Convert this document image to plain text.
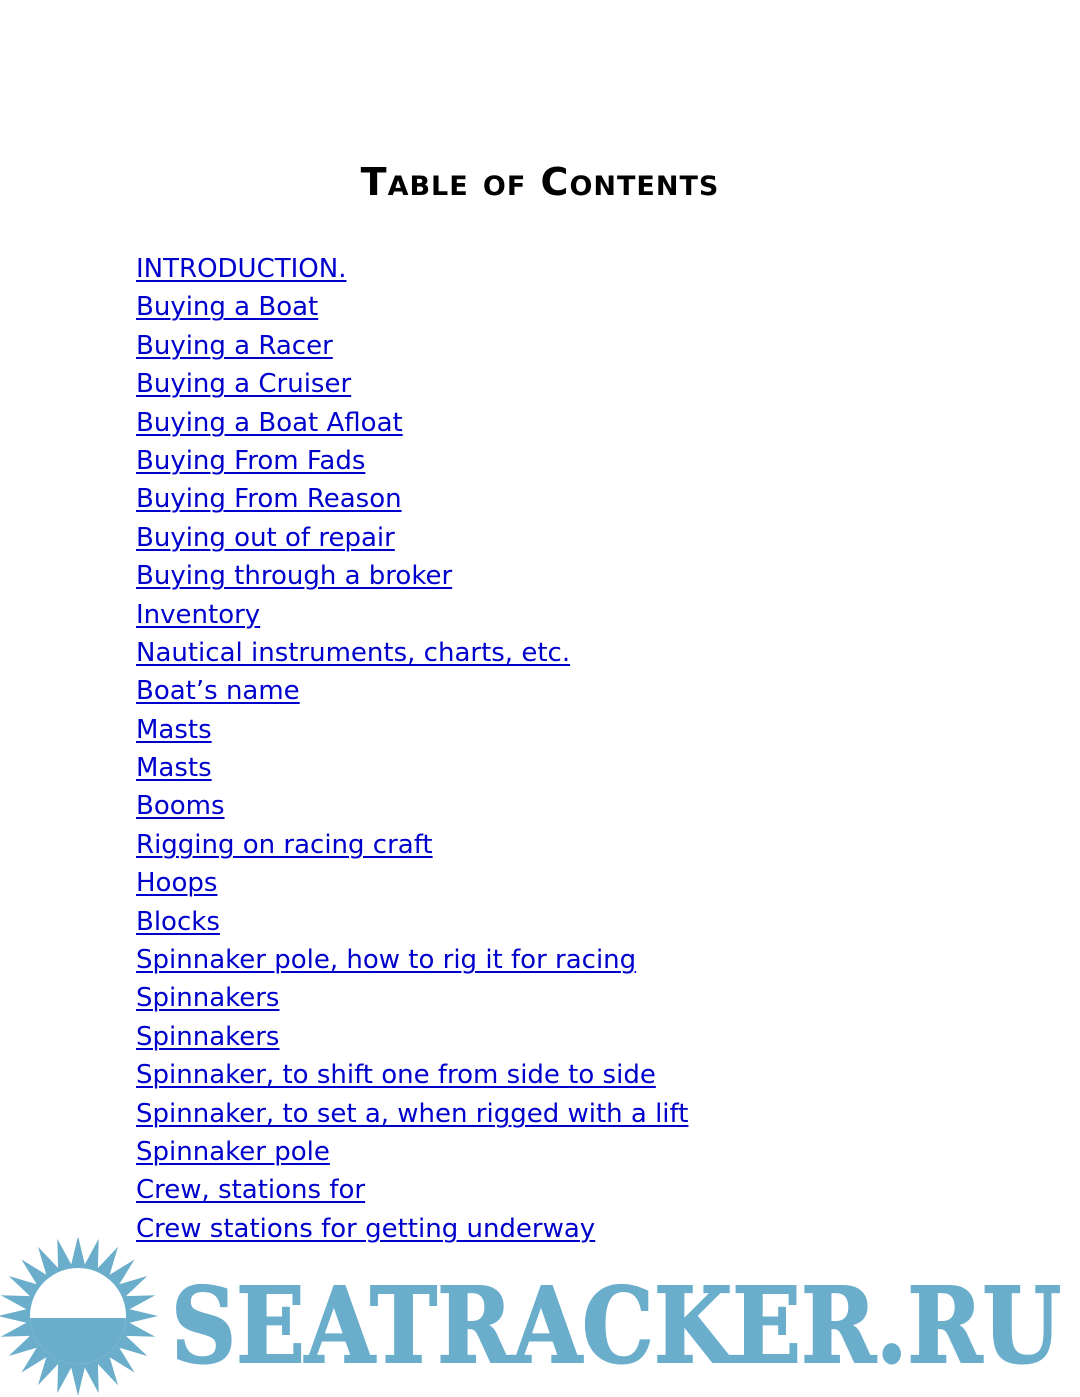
Table of Contents
INTRODUCTION.
Buying a Boat
Buying a Racer
Buying a Cruiser
Buying a Boat Afloat
Buying From Fads
Buying From Reason
Buying out of repair
Buying through a broker
Inventory
Nautical instruments, charts, etc.
Boat’s name
Masts
Masts
Booms
Rigging on racing craft
Hoops
Blocks
Spinnaker pole, how to rig it for racing
Spinnakers
Spinnakers
Spinnaker, to shift one from side to side
Spinnaker, to set a, when rigged with a lift
Spinnaker pole
Crew, stations for
Crew stations for getting underway
SEATRACKER.RU
